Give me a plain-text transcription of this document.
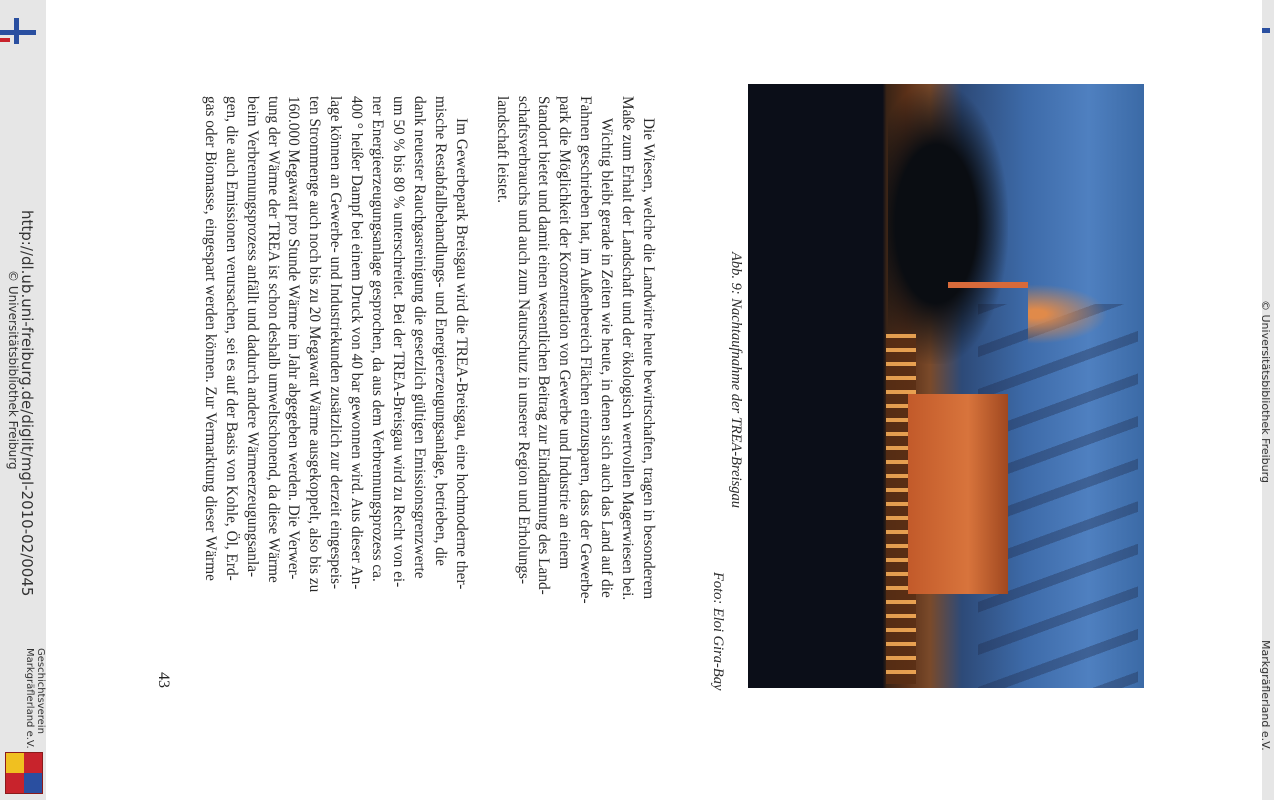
http://dl.ub.uni-freiburg.de/diglit/mgl-2010-02/0045
© Universitätsbibliothek Freiburg
Geschichtsverein
Markgräflerland e.V.
© Universitätsbibliothek Freiburg
Markgräflerland e.V.
Abb. 9: Nachtaufnahme der TREA-Breisgau
Foto: Eloi Gira-Bay

Die Wiesen, welche die Landwirte heute bewirtschaften, tragen in besonderem

Maße zum Erhalt der Landschaft und der ökologisch wertvollen Magerwiesen bei.

Wichtig bleibt gerade in Zeiten wie heute, in denen sich auch das Land auf die

Fahnen geschrieben hat, im Außenbereich Flächen einzusparen, dass der Gewerbe-

park die Möglichkeit der Konzentration von Gewerbe und Industrie an einem

Standort bietet und damit einen wesentlichen Beitrag zur Eindämmung des Land-

schaftsverbrauchs und auch zum Naturschutz in unserer Region und Erholungs-

landschaft leistet.

Im Gewerbepark Breisgau wird die TREA-Breisgau, eine hochmoderne ther-

mische Restabfallbehandlungs- und Energieerzeugungsanlage, betrieben, die

dank neuester Rauchgasreinigung die gesetzlich gültigen Emissionsgrenzwerte

um 50 % bis 80 % unterschreitet. Bei der TREA-Breisgau wird zu Recht von ei-

ner Energieerzeugungsanlage gesprochen, da aus dem Verbrennungsprozess ca.

400 ° heißer Dampf bei einem Druck von 40 bar gewonnen wird. Aus dieser An-

lage können an Gewerbe- und Industriekunden zusätzlich zur derzeit eingespeis-

ten Strommenge auch noch bis zu 20 Megawatt Wärme ausgekoppelt, also bis zu

160.000 Megawatt pro Stunde Wärme im Jahr abgegeben werden. Die Verwer-

tung der Wärme der TREA ist schon deshalb umweltschonend, da diese Wärme

beim Verbrennungsprozess anfällt und dadurch andere Wärmeerzeugungsanla-

gen, die auch Emissionen verursachen, sei es auf der Basis von Kohle, Öl, Erd-

gas oder Biomasse, eingespart werden können. Zur Vermarktung dieser Wärme

43
